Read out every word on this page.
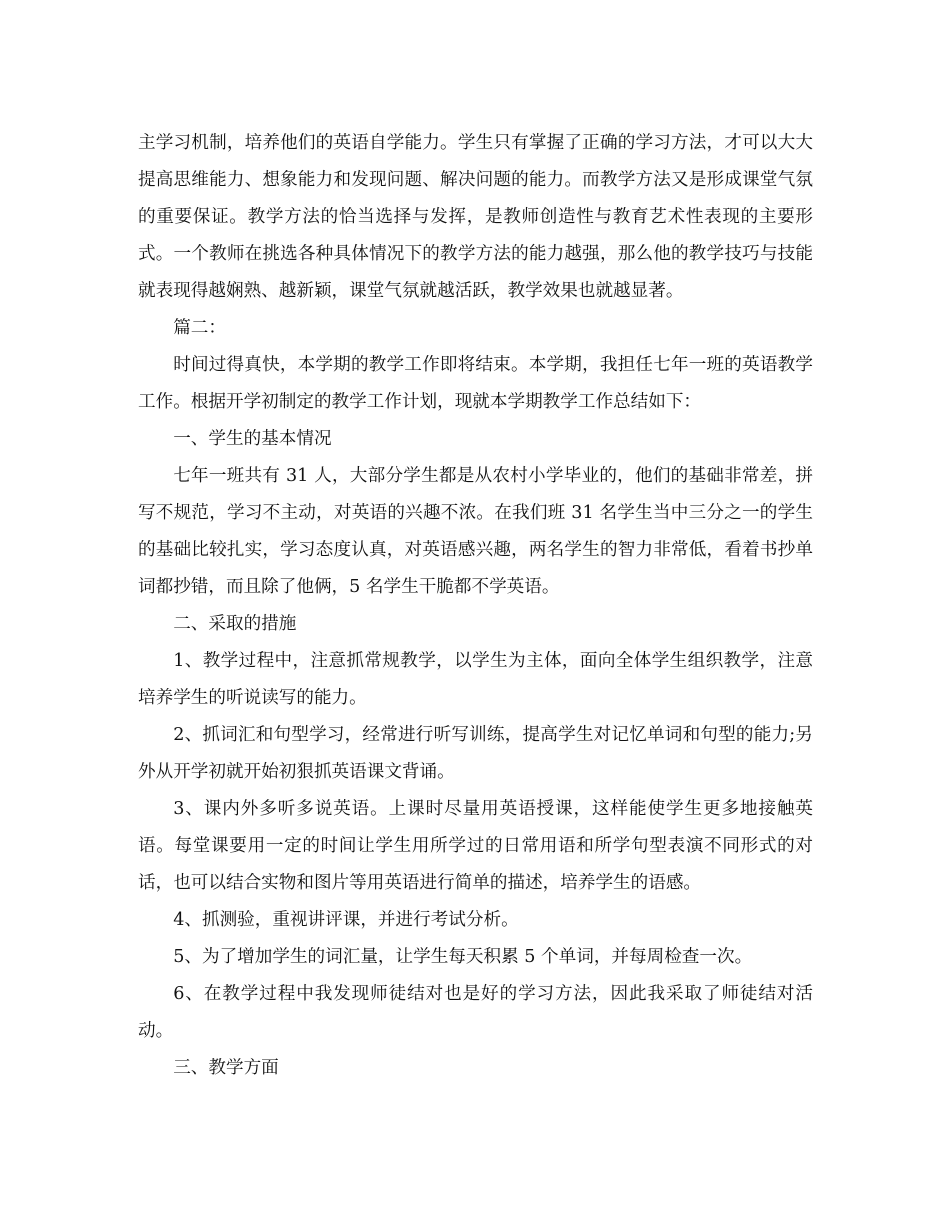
主学习机制，培养他们的英语自学能力。学生只有掌握了正确的学习方法，才可以大大提高思维能力、想象能力和发现问题、解决问题的能力。而教学方法又是形成课堂气氛的重要保证。教学方法的恰当选择与发挥，是教师创造性与教育艺术性表现的主要形式。一个教师在挑选各种具体情况下的教学方法的能力越强，那么他的教学技巧与技能就表现得越娴熟、越新颖，课堂气氛就越活跃，教学效果也就越显著。

篇二：

时间过得真快，本学期的教学工作即将结束。本学期，我担任七年一班的英语教学工作。根据开学初制定的教学工作计划，现就本学期教学工作总结如下：

一、学生的基本情况

七年一班共有 31 人，大部分学生都是从农村小学毕业的，他们的基础非常差，拼写不规范，学习不主动，对英语的兴趣不浓。在我们班 31 名学生当中三分之一的学生的基础比较扎实，学习态度认真，对英语感兴趣，两名学生的智力非常低，看着书抄单词都抄错，而且除了他俩，5 名学生干脆都不学英语。

二、采取的措施

1、教学过程中，注意抓常规教学，以学生为主体，面向全体学生组织教学，注意培养学生的听说读写的能力。

2、抓词汇和句型学习，经常进行听写训练，提高学生对记忆单词和句型的能力;另外从开学初就开始初狠抓英语课文背诵。

3、课内外多听多说英语。上课时尽量用英语授课，这样能使学生更多地接触英语。每堂课要用一定的时间让学生用所学过的日常用语和所学句型表演不同形式的对话，也可以结合实物和图片等用英语进行简单的描述，培养学生的语感。

4、抓测验，重视讲评课，并进行考试分析。

5、为了增加学生的词汇量，让学生每天积累 5 个单词，并每周检查一次。

6、在教学过程中我发现师徒结对也是好的学习方法，因此我采取了师徒结对活动。

三、教学方面
